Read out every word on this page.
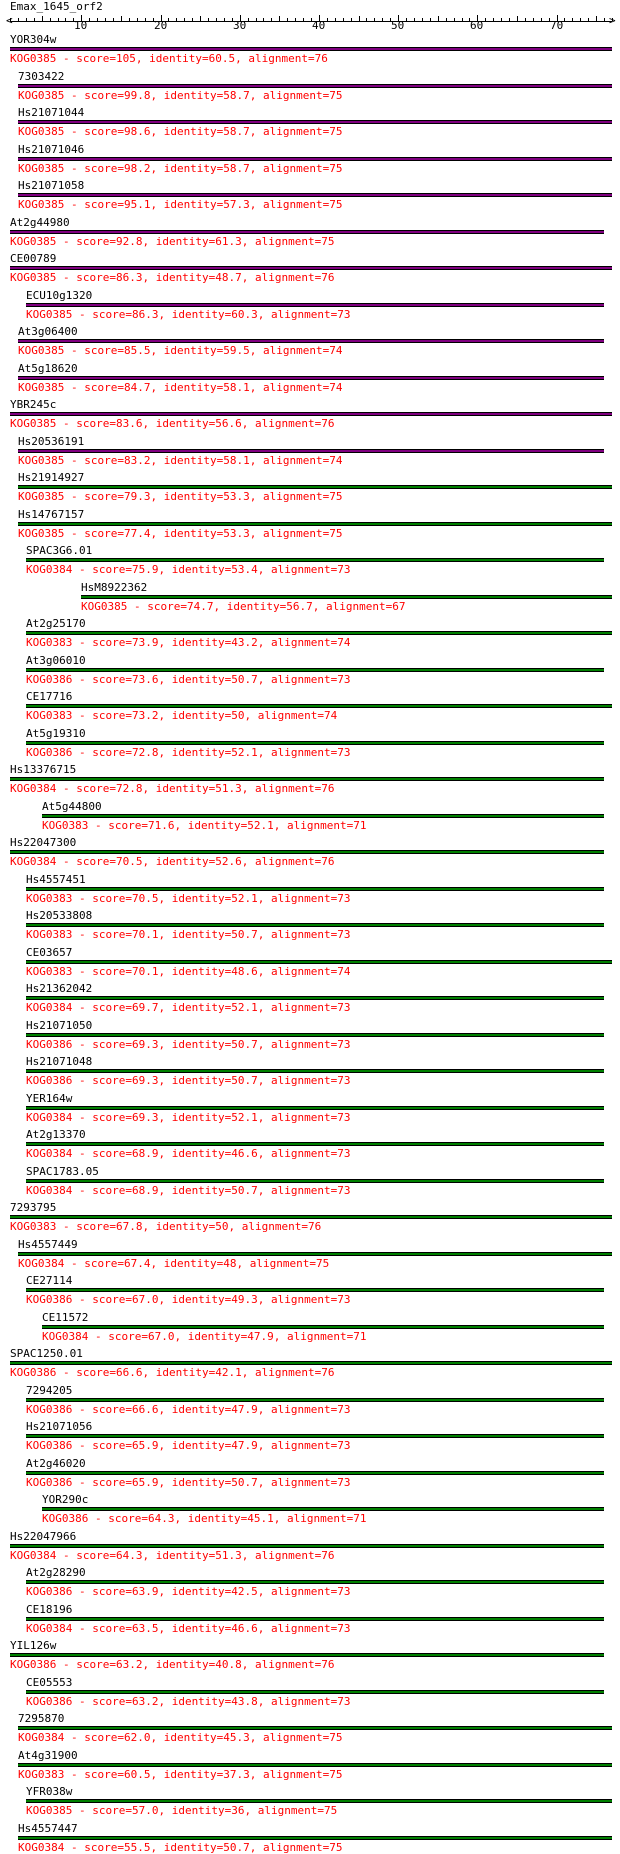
Emax_1645_orf2
<	>
10	20	30	40	50	60	70
YOR304w
KOG0385 - score=105, identity=60.5, alignment=76
7303422
KOG0385 - score=99.8, identity=58.7, alignment=75
Hs21071044
KOG0385 - score=98.6, identity=58.7, alignment=75
Hs21071046
KOG0385 - score=98.2, identity=58.7, alignment=75
Hs21071058
KOG0385 - score=95.1, identity=57.3, alignment=75
At2g44980
KOG0385 - score=92.8, identity=61.3, alignment=75
CE00789
KOG0385 - score=86.3, identity=48.7, alignment=76
ECU10g1320
KOG0385 - score=86.3, identity=60.3, alignment=73
At3g06400
KOG0385 - score=85.5, identity=59.5, alignment=74
At5g18620
KOG0385 - score=84.7, identity=58.1, alignment=74
YBR245c
KOG0385 - score=83.6, identity=56.6, alignment=76
Hs20536191
KOG0385 - score=83.2, identity=58.1, alignment=74
Hs21914927
KOG0385 - score=79.3, identity=53.3, alignment=75
Hs14767157
KOG0385 - score=77.4, identity=53.3, alignment=75
SPAC3G6.01
KOG0384 - score=75.9, identity=53.4, alignment=73
HsM8922362
KOG0385 - score=74.7, identity=56.7, alignment=67
At2g25170
KOG0383 - score=73.9, identity=43.2, alignment=74
At3g06010
KOG0386 - score=73.6, identity=50.7, alignment=73
CE17716
KOG0383 - score=73.2, identity=50, alignment=74
At5g19310
KOG0386 - score=72.8, identity=52.1, alignment=73
Hs13376715
KOG0384 - score=72.8, identity=51.3, alignment=76
At5g44800
KOG0383 - score=71.6, identity=52.1, alignment=71
Hs22047300
KOG0384 - score=70.5, identity=52.6, alignment=76
Hs4557451
KOG0383 - score=70.5, identity=52.1, alignment=73
Hs20533808
KOG0383 - score=70.1, identity=50.7, alignment=73
CE03657
KOG0383 - score=70.1, identity=48.6, alignment=74
Hs21362042
KOG0384 - score=69.7, identity=52.1, alignment=73
Hs21071050
KOG0386 - score=69.3, identity=50.7, alignment=73
Hs21071048
KOG0386 - score=69.3, identity=50.7, alignment=73
YER164w
KOG0384 - score=69.3, identity=52.1, alignment=73
At2g13370
KOG0384 - score=68.9, identity=46.6, alignment=73
SPAC1783.05
KOG0384 - score=68.9, identity=50.7, alignment=73
7293795
KOG0383 - score=67.8, identity=50, alignment=76
Hs4557449
KOG0384 - score=67.4, identity=48, alignment=75
CE27114
KOG0386 - score=67.0, identity=49.3, alignment=73
CE11572
KOG0384 - score=67.0, identity=47.9, alignment=71
SPAC1250.01
KOG0386 - score=66.6, identity=42.1, alignment=76
7294205
KOG0386 - score=66.6, identity=47.9, alignment=73
Hs21071056
KOG0386 - score=65.9, identity=47.9, alignment=73
At2g46020
KOG0386 - score=65.9, identity=50.7, alignment=73
YOR290c
KOG0386 - score=64.3, identity=45.1, alignment=71
Hs22047966
KOG0384 - score=64.3, identity=51.3, alignment=76
At2g28290
KOG0386 - score=63.9, identity=42.5, alignment=73
CE18196
KOG0384 - score=63.5, identity=46.6, alignment=73
YIL126w
KOG0386 - score=63.2, identity=40.8, alignment=76
CE05553
KOG0386 - score=63.2, identity=43.8, alignment=73
7295870
KOG0384 - score=62.0, identity=45.3, alignment=75
At4g31900
KOG0383 - score=60.5, identity=37.3, alignment=75
YFR038w
KOG0385 - score=57.0, identity=36, alignment=75
Hs4557447
KOG0384 - score=55.5, identity=50.7, alignment=75
